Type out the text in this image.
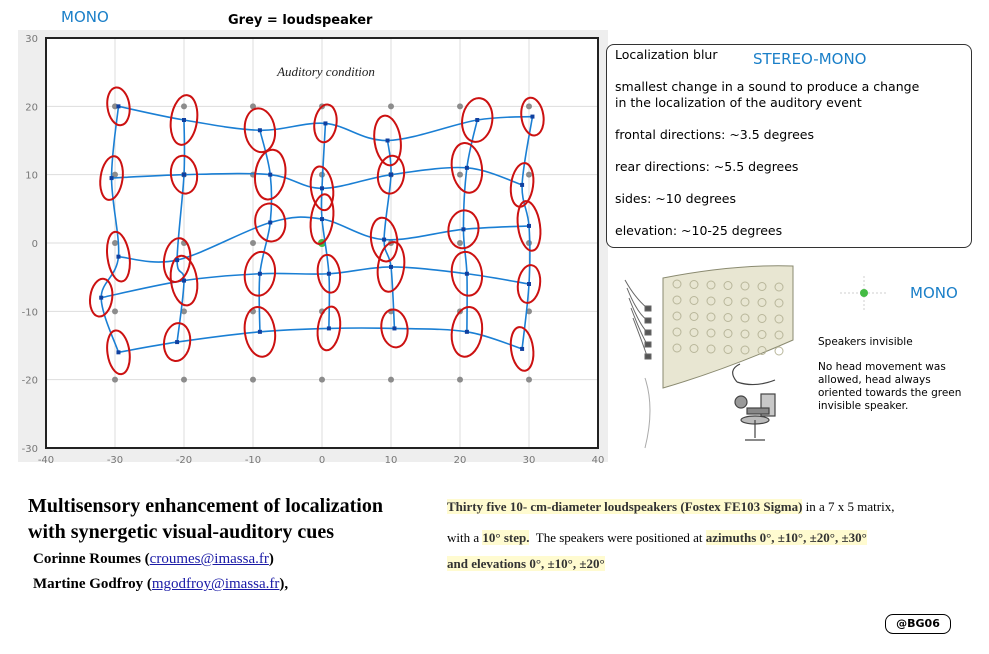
MONO	Grey = loudspeaker
-40	-30	-20	-10	0	10	20	30	40
-30
-20
-10
0
10
20
30
Auditory condition
Localization blur STEREO-MONO
smallest change in a sound to produce a change
in the localization of the auditory event
frontal directions: ~3.5 degrees
rear directions: ~5.5 degrees
sides: ~10 degrees
elevation: ~10-25 degrees
MONO
Speakers invisible
No head movement was
allowed, head always
oriented towards the green
invisible speaker.
Multisensory enhancement of localization
with synergetic visual-auditory cues
Corinne Roumes (croumes@imassa.fr)
Martine Godfroy (mgodfroy@imassa.fr),
Thirty five 10- cm-diameter loudspeakers (Fostex FE103 Sigma) in a 7 x 5 matrix,
with a 10° step.  The speakers were positioned at azimuths 0°, ±10°, ±20°, ±30°
and elevations 0°, ±10°, ±20°
@BG06
